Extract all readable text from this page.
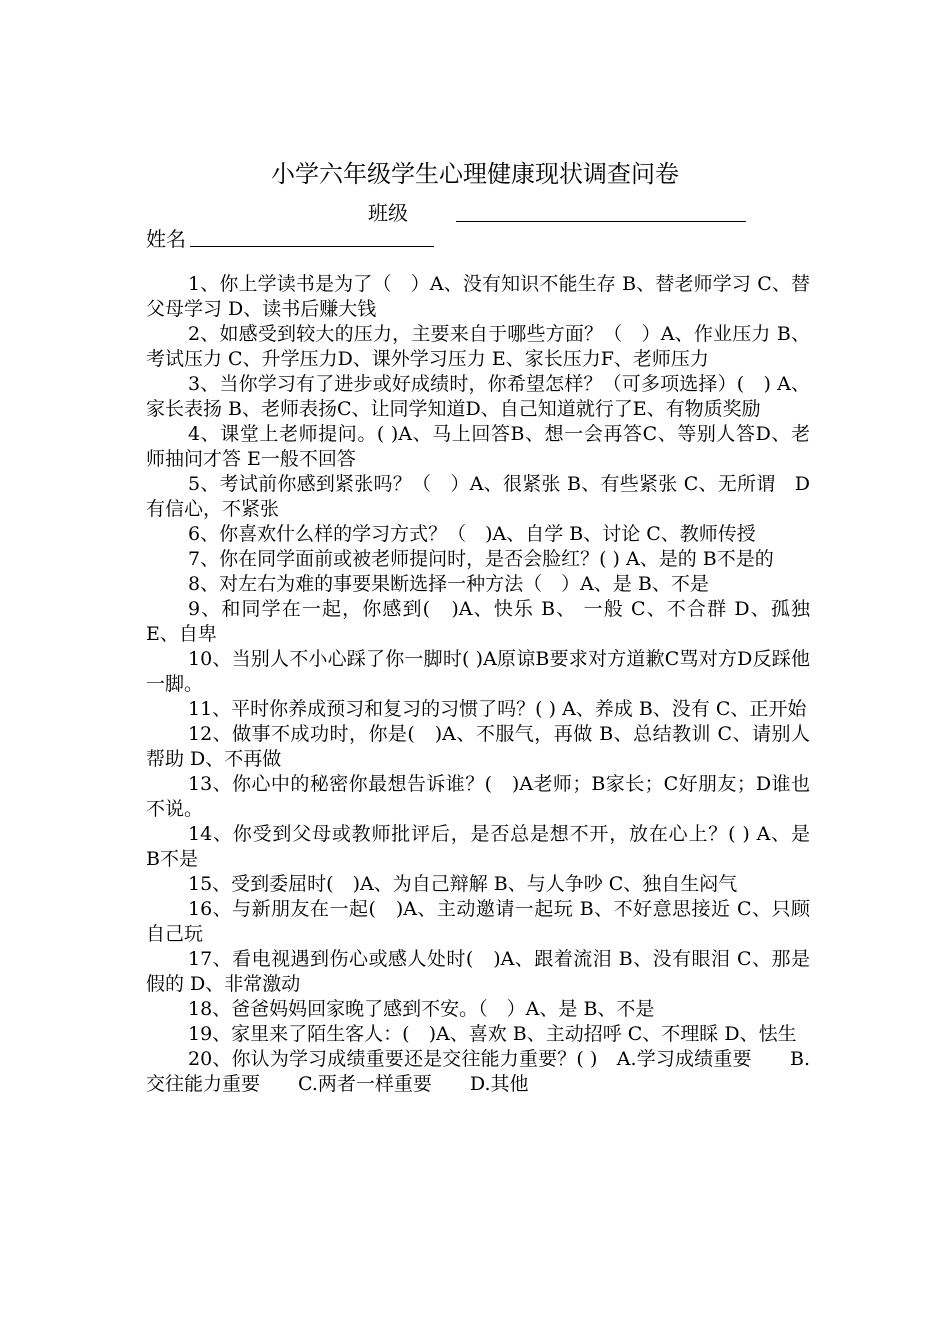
小学六年级学生心理健康现状调查问卷
班级
姓名

1、你上学读书是为了（　）A、没有知识不能生存 B、替老师学习 C、替父母学习 D、读书后赚大钱

2、如感受到较大的压力，主要来自于哪些方面？（　）A、作业压力 B、考试压力 C、升学压力D、课外学习压力 E、家长压力F、老师压力

3、当你学习有了进步或好成绩时，你希望怎样？（可多项选择）(　) A、家长表扬 B、老师表扬C、让同学知道D、自己知道就行了E、有物质奖励

4、课堂上老师提问。( )A、马上回答B、想一会再答C、等别人答D、老师抽问才答 E一般不回答

5、考试前你感到紧张吗？（　）A、很紧张 B、有些紧张 C、无所谓　D有信心，不紧张

6、你喜欢什么样的学习方式？（　)A、自学 B、讨论 C、教师传授

7、你在同学面前或被老师提问时，是否会脸红？( ) A、是的 B不是的

8、对左右为难的事要果断选择一种方法（　）A、是 B、不是

9、和同学在一起，你感到(　)A、快乐 B、 一般 C、不合群 D、孤独 E、自卑

10、当别人不小心踩了你一脚时( )A原谅B要求对方道歉C骂对方D反踩他一脚。

11、平时你养成预习和复习的习惯了吗？( ) A、养成 B、没有 C、正开始

12、做事不成功时，你是(　)A、不服气，再做 B、总结教训 C、请别人帮助 D、不再做

13、你心中的秘密你最想告诉谁？(　)A老师；B家长；C好朋友；D谁也不说。

14、你受到父母或教师批评后，是否总是想不开，放在心上？( ) A、是　B不是

15、受到委屈时(　)A、为自己辩解 B、与人争吵 C、独自生闷气

16、与新朋友在一起(　)A、主动邀请一起玩 B、不好意思接近 C、只顾自己玩

17、看电视遇到伤心或感人处时(　)A、跟着流泪 B、没有眼泪 C、那是假的 D、非常激动

18、爸爸妈妈回家晚了感到不安。（　）A、是 B、不是

19、家里来了陌生客人：(　)A、喜欢 B、主动招呼 C、不理睬 D、怯生

20、你认为学习成绩重要还是交往能力重要？( )　A.学习成绩重要　　B.交往能力重要　　C.两者一样重要　　D.其他
